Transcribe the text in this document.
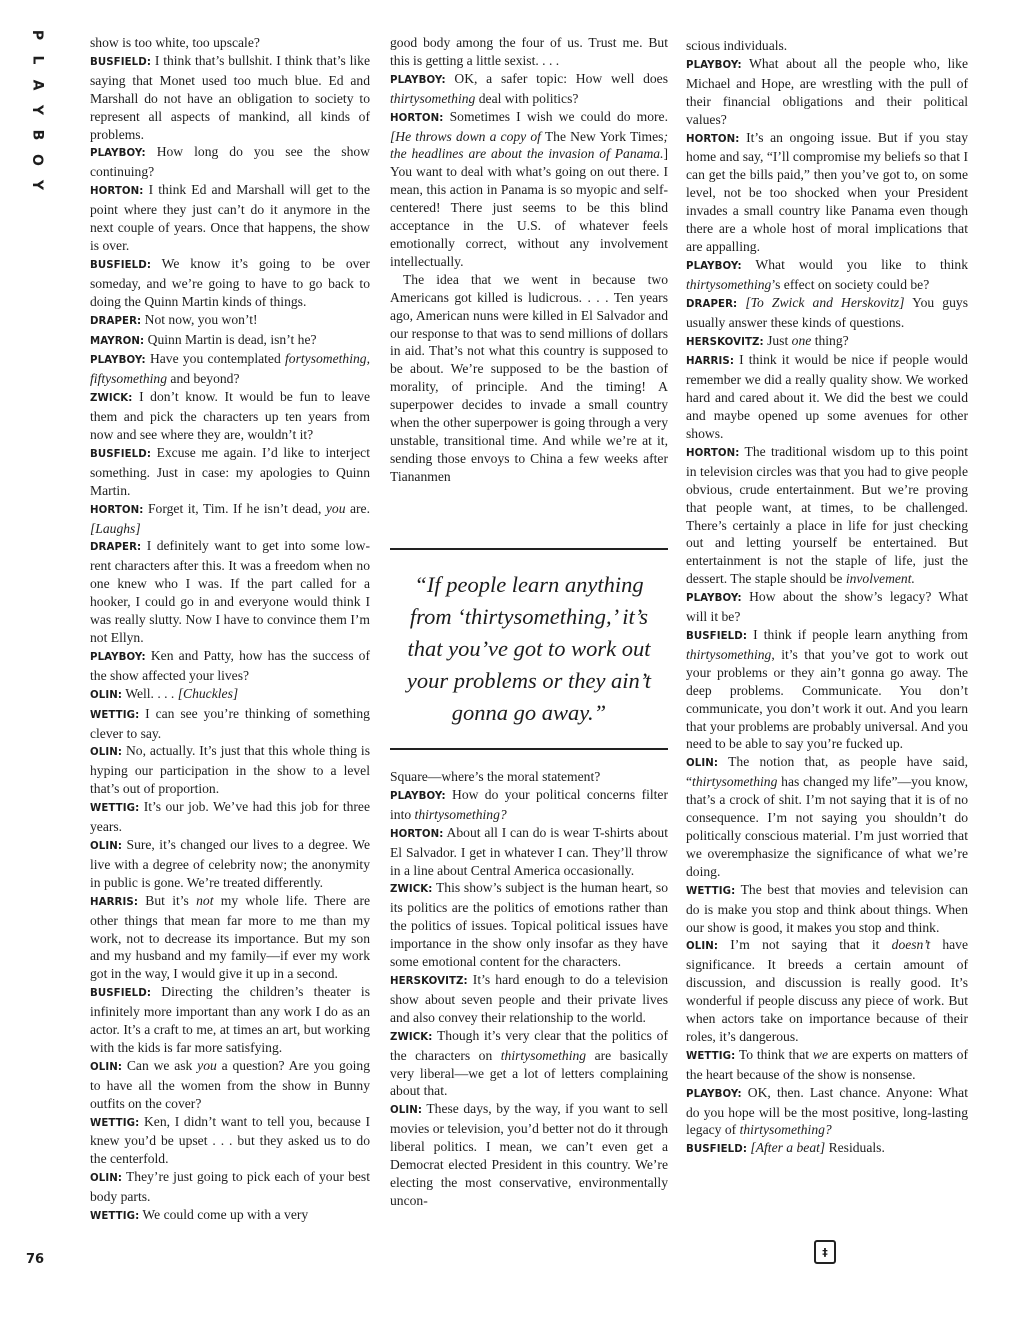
P
L
A
Y
B
O
Y

show is too white, too upscale?

BUSFIELD: I think that’s bullshit. I think that’s like saying that Monet used too much blue. Ed and Marshall do not have an obligation to society to represent all aspects of mankind, all kinds of problems.

PLAYBOY: How long do you see the show continuing?

HORTON: I think Ed and Marshall will get to the point where they just can’t do it anymore in the next couple of years. Once that happens, the show is over.

BUSFIELD: We know it’s going to be over someday, and we’re going to have to go back to doing the Quinn Martin kinds of things.

DRAPER: Not now, you won’t!

MAYRON: Quinn Martin is dead, isn’t he?

PLAYBOY: Have you contemplated fortysomething, fiftysomething and beyond?

ZWICK: I don’t know. It would be fun to leave them and pick the characters up ten years from now and see where they are, wouldn’t it?

BUSFIELD: Excuse me again. I’d like to interject something. Just in case: my apologies to Quinn Martin.

HORTON: Forget it, Tim. If he isn’t dead, you are. [Laughs]

DRAPER: I definitely want to get into some low-rent characters after this. It was a freedom when no one knew who I was. If the part called for a hooker, I could go in and everyone would think I was really slutty. Now I have to convince them I’m not Ellyn.

PLAYBOY: Ken and Patty, how has the success of the show affected your lives?

OLIN: Well. . . . [Chuckles]

WETTIG: I can see you’re thinking of something clever to say.

OLIN: No, actually. It’s just that this whole thing is hyping our participation in the show to a level that’s out of proportion.

WETTIG: It’s our job. We’ve had this job for three years.

OLIN: Sure, it’s changed our lives to a degree. We live with a degree of celebrity now; the anonymity in public is gone. We’re treated differently.

HARRIS: But it’s not my whole life. There are other things that mean far more to me than my work, not to decrease its importance. But my son and my husband and my family—if ever my work got in the way, I would give it up in a second.

BUSFIELD: Directing the children’s theater is infinitely more important than any work I do as an actor. It’s a craft to me, at times an art, but working with the kids is far more satisfying.

OLIN: Can we ask you a question? Are you going to have all the women from the show in Bunny outfits on the cover?

WETTIG: Ken, I didn’t want to tell you, because I knew you’d be upset . . . but they asked us to do the centerfold.

OLIN: They’re just going to pick each of your best body parts.

WETTIG: We could come up with a very

good body among the four of us. Trust me. But this is getting a little sexist. . . .

PLAYBOY: OK, a safer topic: How well does thirtysomething deal with politics?

HORTON: Sometimes I wish we could do more. [He throws down a copy of The New York Times; the headlines are about the invasion of Panama.] You want to deal with what’s going on out there. I mean, this action in Panama is so myopic and self-centered! There just seems to be this blind acceptance in the U.S. of whatever feels emotionally correct, without any involvement intellectually.

The idea that we went in because two Americans got killed is ludicrous. . . . Ten years ago, American nuns were killed in El Salvador and our response to that was to send millions of dollars in aid. That’s not what this country is supposed to be about. We’re supposed to be the bastion of morality, of principle. And the timing! A superpower decides to invade a small country when the other superpower is going through a very unstable, transitional time. And while we’re at it, sending those envoys to China a few weeks after Tiananmen

“If people learn anything from ‘thirtysomething,’ it’s that you’ve got to work out your problems or they ain’t gonna go away.”

Square—where’s the moral statement?

PLAYBOY: How do your political concerns filter into thirtysomething?

HORTON: About all I can do is wear T-shirts about El Salvador. I get in whatever I can. They’ll throw in a line about Central America occasionally.

ZWICK: This show’s subject is the human heart, so its politics are the politics of emotions rather than the politics of issues. Topical political issues have importance in the show only insofar as they have some emotional content for the characters.

HERSKOVITZ: It’s hard enough to do a television show about seven people and their private lives and also convey their relationship to the world.

ZWICK: Though it’s very clear that the politics of the characters on thirtysomething are basically very liberal—we get a lot of letters complaining about that.

OLIN: These days, by the way, if you want to sell movies or television, you’d better not do it through liberal politics. I mean, we can’t even get a Democrat elected President in this country. We’re electing the most conservative, environmentally uncon-

scious individuals.

PLAYBOY: What about all the people who, like Michael and Hope, are wrestling with the pull of their financial obligations and their political values?

HORTON: It’s an ongoing issue. But if you stay home and say, “I’ll compromise my beliefs so that I can get the bills paid,” then you’ve got to, on some level, not be too shocked when your President invades a small country like Panama even though there are a whole host of moral implications that are appalling.

PLAYBOY: What would you like to think thirtysomething’s effect on society could be?

DRAPER: [To Zwick and Herskovitz] You guys usually answer these kinds of questions.

HERSKOVITZ: Just one thing?

HARRIS: I think it would be nice if people would remember we did a really quality show. We worked hard and cared about it. We did the best we could and maybe opened up some avenues for other shows.

HORTON: The traditional wisdom up to this point in television circles was that you had to give people obvious, crude entertainment. But we’re proving that people want, at times, to be challenged. There’s certainly a place in life for just checking out and letting yourself be entertained. But entertainment is not the staple of life, just the dessert. The staple should be involvement.

PLAYBOY: How about the show’s legacy? What will it be?

BUSFIELD: I think if people learn anything from thirtysomething, it’s that you’ve got to work out your problems or they ain’t gonna go away. The deep problems. Communicate. You don’t communicate, you don’t work it out. And you learn that your problems are probably universal. And you need to be able to say you’re fucked up.

OLIN: The notion that, as people have said, “thirtysomething has changed my life”—you know, that’s a crock of shit. I’m not saying that it is of no consequence. I’m not saying you shouldn’t do politically conscious material. I’m just worried that we overemphasize the significance of what we’re doing.

WETTIG: The best that movies and television can do is make you stop and think about things. When our show is good, it makes you stop and think.

OLIN: I’m not saying that it doesn’t have significance. It breeds a certain amount of discussion, and discussion is really good. It’s wonderful if people discuss any piece of work. But when actors take on importance because of their roles, it’s dangerous.

WETTIG: To think that we are experts on matters of the heart because of the show is nonsense.

PLAYBOY: OK, then. Last chance. Anyone: What do you hope will be the most positive, long-lasting legacy of thirtysomething?

BUSFIELD: [After a beat] Residuals.

‡
76
